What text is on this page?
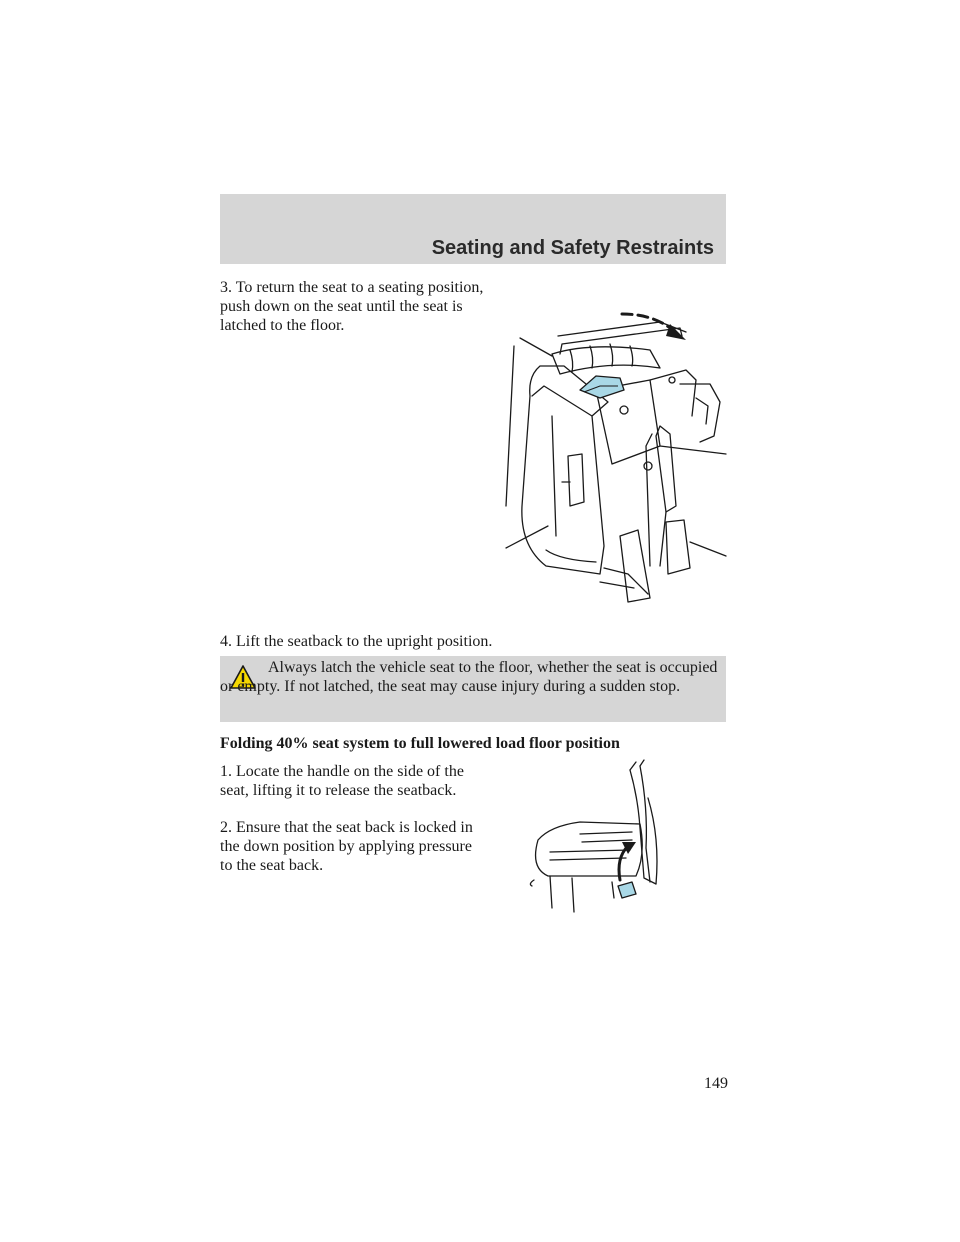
Seating and Safety Restraints
3. To return the seat to a seating position, push down on the seat until the seat is latched to the floor.
4. Lift the seatback to the upright position.
Always latch the vehicle seat to the floor, whether the seat is occupied or empty. If not latched, the seat may cause injury during a sudden stop.
Folding 40% seat system to full lowered load floor position
1. Locate the handle on the side of the seat, lifting it to release the seatback.
2. Ensure that the seat back is locked in the down position by applying pressure to the seat back.
149
